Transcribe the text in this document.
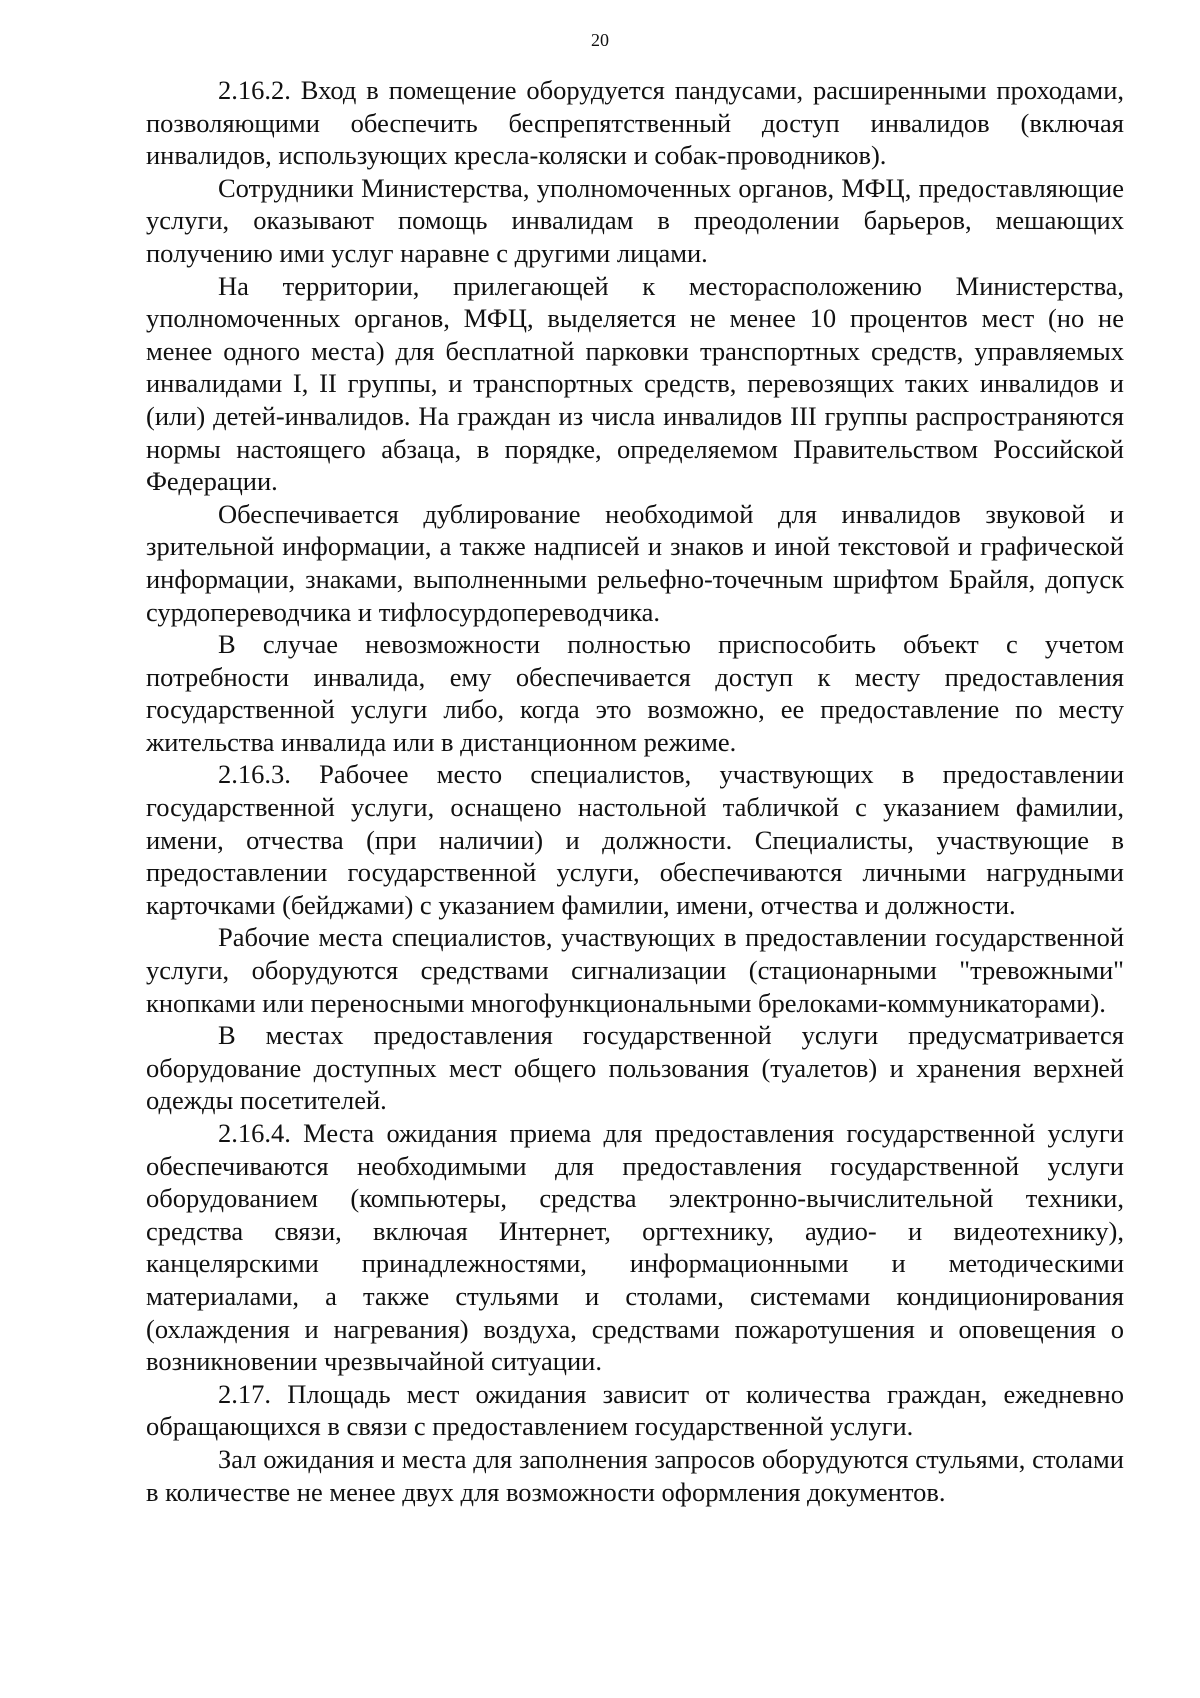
20

2.16.2. Вход в помещение оборудуется пандусами, расширенными проходами, позволяющими обеспечить беспрепятственный доступ инвалидов (включая инвалидов, использующих кресла-коляски и собак-проводников).

Сотрудники Министерства, уполномоченных органов, МФЦ, предоставляющие услуги, оказывают помощь инвалидам в преодолении барьеров, мешающих получению ими услуг наравне с другими лицами.

На территории, прилегающей к месторасположению Министерства, уполномоченных органов, МФЦ, выделяется не менее 10 процентов мест (но не менее одного места) для бесплатной парковки транспортных средств, управляемых инвалидами I, II группы, и транспортных средств, перевозящих таких инвалидов и (или) детей-инвалидов. На граждан из числа инвалидов III группы распространяются нормы настоящего абзаца, в порядке, определяемом Правительством Российской Федерации.

Обеспечивается дублирование необходимой для инвалидов звуковой и зрительной информации, а также надписей и знаков и иной текстовой и графической информации, знаками, выполненными рельефно-точечным шрифтом Брайля, допуск сурдопереводчика и тифлосурдопереводчика.

В случае невозможности полностью приспособить объект с учетом потребности инвалида, ему обеспечивается доступ к месту предоставления государственной услуги либо, когда это возможно, ее предоставление по месту жительства инвалида или в дистанционном режиме.

2.16.3. Рабочее место специалистов, участвующих в предоставлении государственной услуги, оснащено настольной табличкой с указанием фамилии, имени, отчества (при наличии) и должности. Специалисты, участвующие в предоставлении государственной услуги, обеспечиваются личными нагрудными карточками (бейджами) с указанием фамилии, имени, отчества и должности.

Рабочие места специалистов, участвующих в предоставлении государственной услуги, оборудуются средствами сигнализации (стационарными "тревожными" кнопками или переносными многофункциональными брелоками-коммуникаторами).

В местах предоставления государственной услуги предусматривается оборудование доступных мест общего пользования (туалетов) и хранения верхней одежды посетителей.

2.16.4. Места ожидания приема для предоставления государственной услуги обеспечиваются необходимыми для предоставления государственной услуги оборудованием (компьютеры, средства электронно-вычислительной техники, средства связи, включая Интернет, оргтехнику, аудио- и видеотехнику), канцелярскими принадлежностями, информационными и методическими материалами, а также стульями и столами, системами кондиционирования (охлаждения и нагревания) воздуха, средствами пожаротушения и оповещения о возникновении чрезвычайной ситуации.

2.17. Площадь мест ожидания зависит от количества граждан, ежедневно обращающихся в связи с предоставлением государственной услуги.

Зал ожидания и места для заполнения запросов оборудуются стульями, столами в количестве не менее двух для возможности оформления документов.
